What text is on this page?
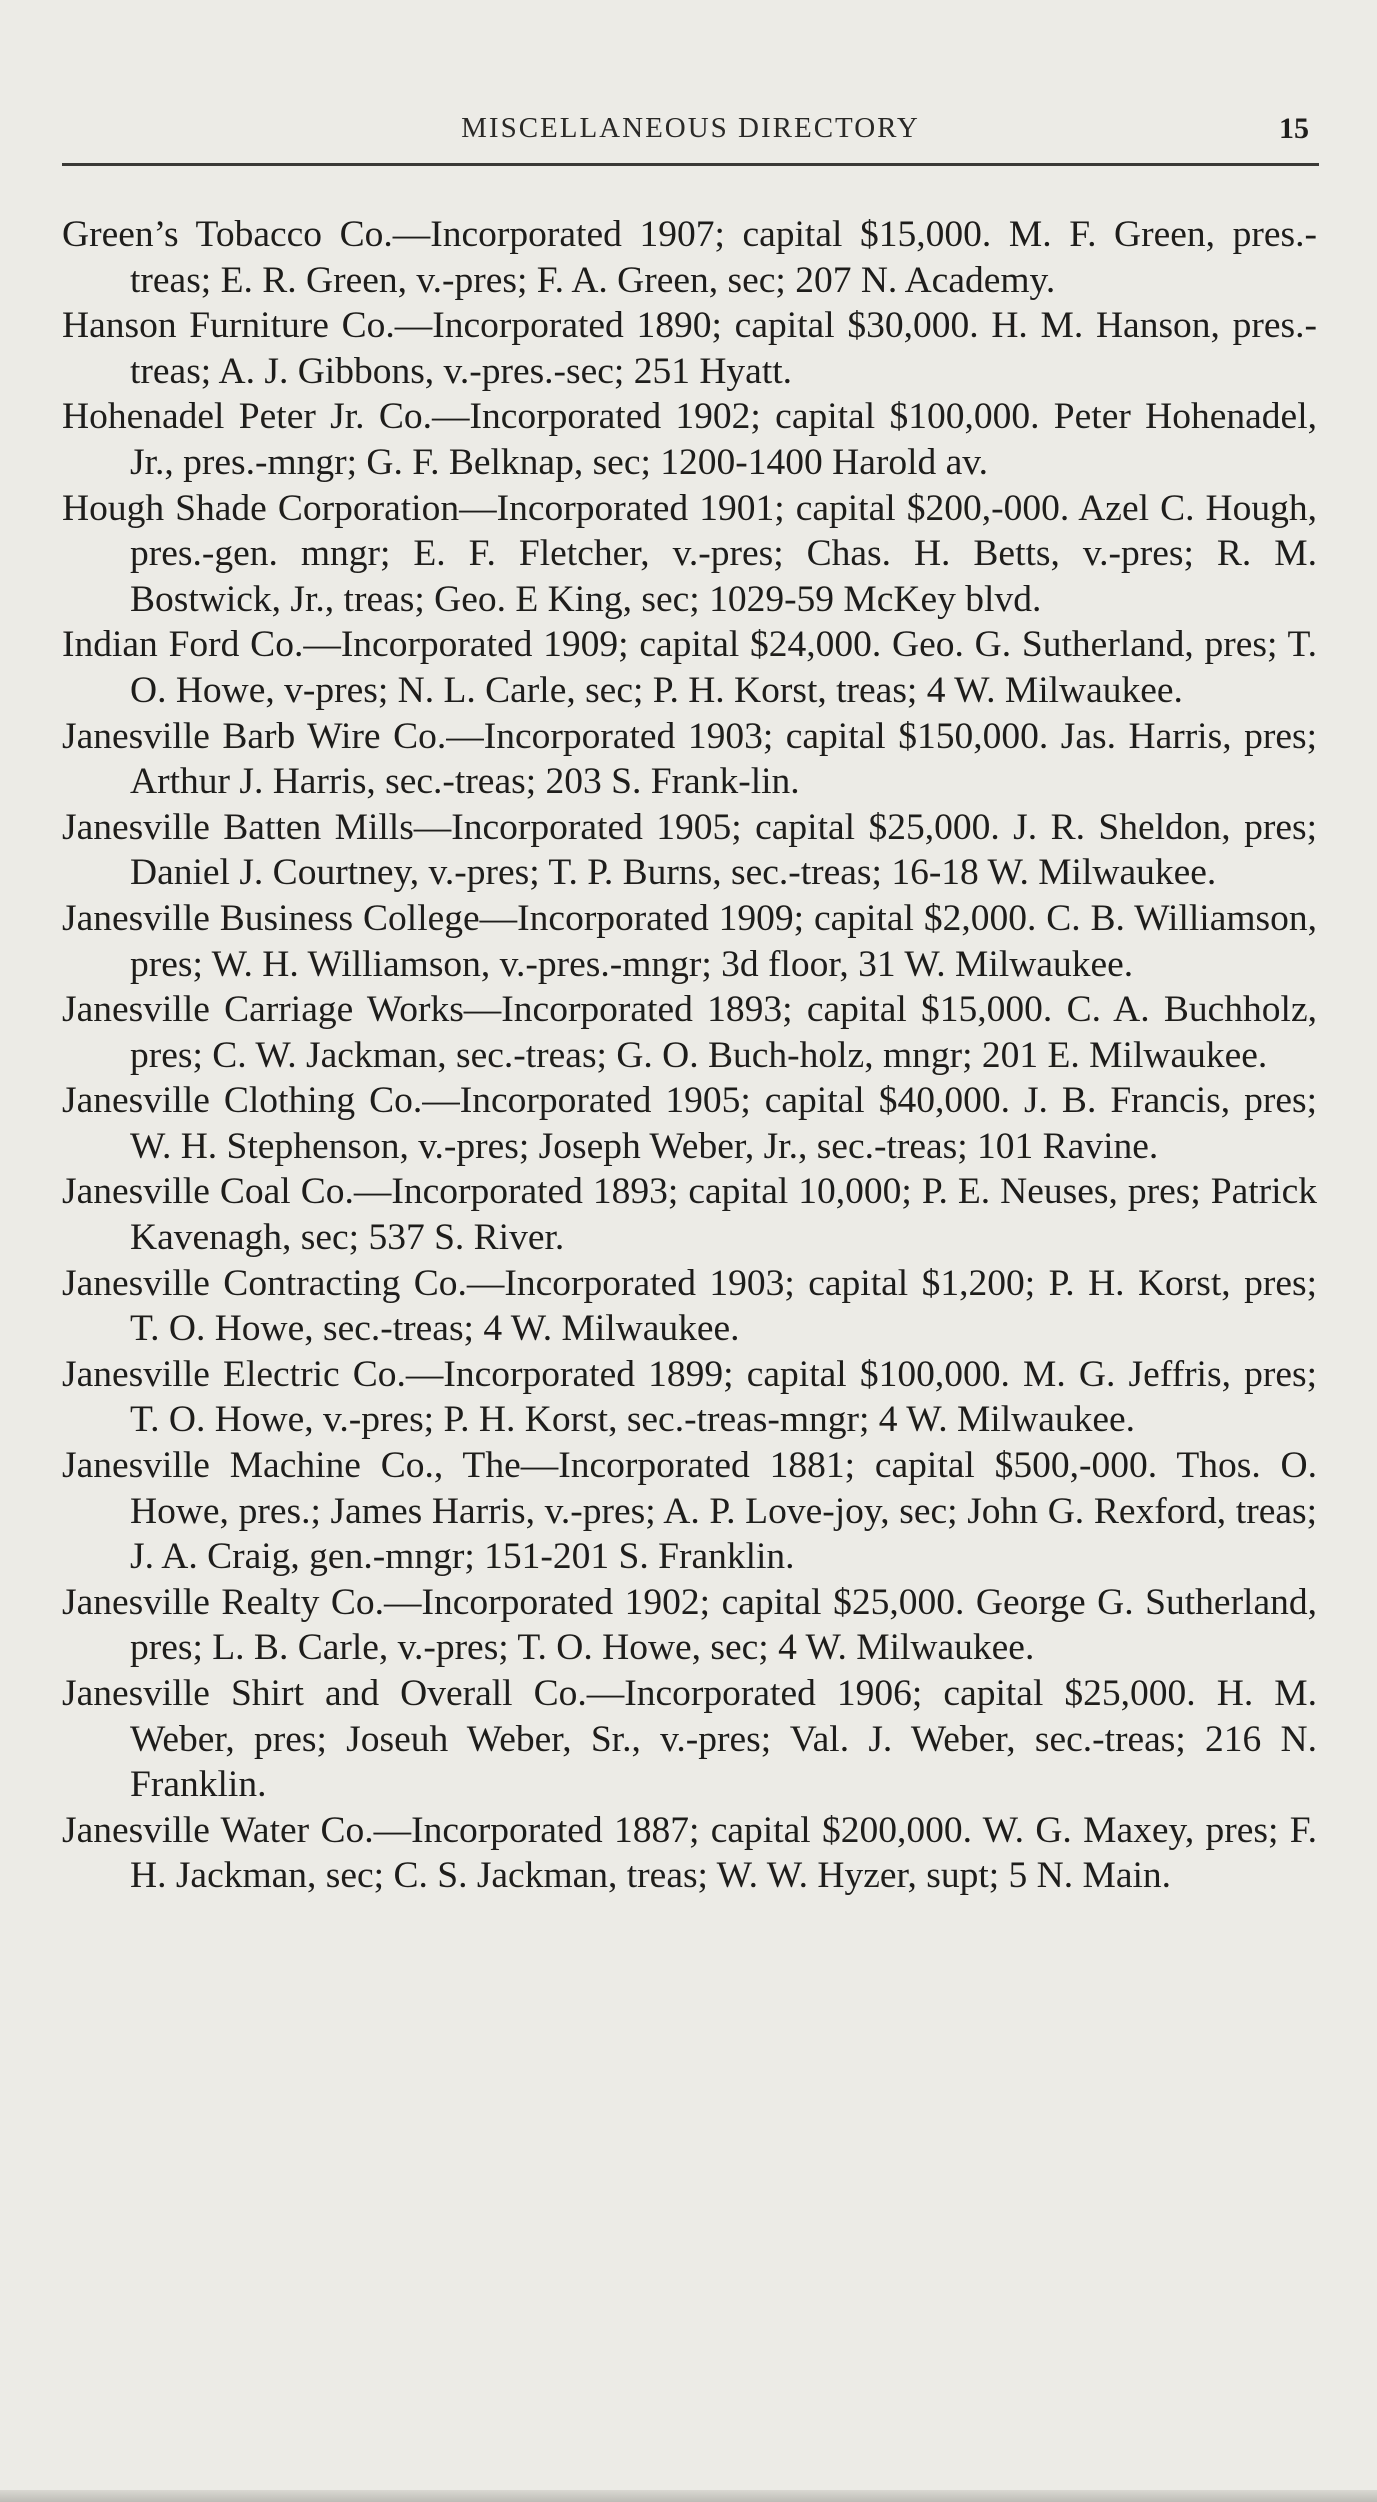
MISCELLANEOUS DIRECTORY	15

Green’s Tobacco Co.—Incorporated 1907; capital $15,000. M. F. Green, pres.-treas; E. R. Green, v.-pres; F. A. Green, sec; 207 N. Academy.

Hanson Furniture Co.—Incorporated 1890; capital $30,000. H. M. Hanson, pres.-treas; A. J. Gibbons, v.-pres.-sec; 251 Hyatt.

Hohenadel Peter Jr. Co.—Incorporated 1902; capital $100,000. Peter Hohenadel, Jr., pres.-mngr; G. F. Belknap, sec; 1200-1400 Harold av.

Hough Shade Corporation—Incorporated 1901; capital $200,-000. Azel C. Hough, pres.-gen. mngr; E. F. Fletcher, v.-pres; Chas. H. Betts, v.-pres; R. M. Bostwick, Jr., treas; Geo. E King, sec; 1029-59 McKey blvd.

Indian Ford Co.—Incorporated 1909; capital $24,000. Geo. G. Sutherland, pres; T. O. Howe, v-pres; N. L. Carle, sec; P. H. Korst, treas; 4 W. Milwaukee.

Janesville Barb Wire Co.—Incorporated 1903; capital $150,000. Jas. Harris, pres; Arthur J. Harris, sec.-treas; 203 S. Frank-lin.

Janesville Batten Mills—Incorporated 1905; capital $25,000. J. R. Sheldon, pres; Daniel J. Courtney, v.-pres; T. P. Burns, sec.-treas; 16-18 W. Milwaukee.

Janesville Business College—Incorporated 1909; capital $2,000. C. B. Williamson, pres; W. H. Williamson, v.-pres.-mngr; 3d floor, 31 W. Milwaukee.

Janesville Carriage Works—Incorporated 1893; capital $15,000. C. A. Buchholz, pres; C. W. Jackman, sec.-treas; G. O. Buch-holz, mngr; 201 E. Milwaukee.

Janesville Clothing Co.—Incorporated 1905; capital $40,000. J. B. Francis, pres; W. H. Stephenson, v.-pres; Joseph Weber, Jr., sec.-treas; 101 Ravine.

Janesville Coal Co.—Incorporated 1893; capital 10,000; P. E. Neuses, pres; Patrick Kavenagh, sec; 537 S. River.

Janesville Contracting Co.—Incorporated 1903; capital $1,200; P. H. Korst, pres; T. O. Howe, sec.-treas; 4 W. Milwaukee.

Janesville Electric Co.—Incorporated 1899; capital $100,000. M. G. Jeffris, pres; T. O. Howe, v.-pres; P. H. Korst, sec.-treas-mngr; 4 W. Milwaukee.

Janesville Machine Co., The—Incorporated 1881; capital $500,-000. Thos. O. Howe, pres.; James Harris, v.-pres; A. P. Love-joy, sec; John G. Rexford, treas; J. A. Craig, gen.-mngr; 151-201 S. Franklin.

Janesville Realty Co.—Incorporated 1902; capital $25,000. George G. Sutherland, pres; L. B. Carle, v.-pres; T. O. Howe, sec; 4 W. Milwaukee.

Janesville Shirt and Overall Co.—Incorporated 1906; capital $25,000. H. M. Weber, pres; Joseuh Weber, Sr., v.-pres; Val. J. Weber, sec.-treas; 216 N. Franklin.

Janesville Water Co.—Incorporated 1887; capital $200,000. W. G. Maxey, pres; F. H. Jackman, sec; C. S. Jackman, treas; W. W. Hyzer, supt; 5 N. Main.
